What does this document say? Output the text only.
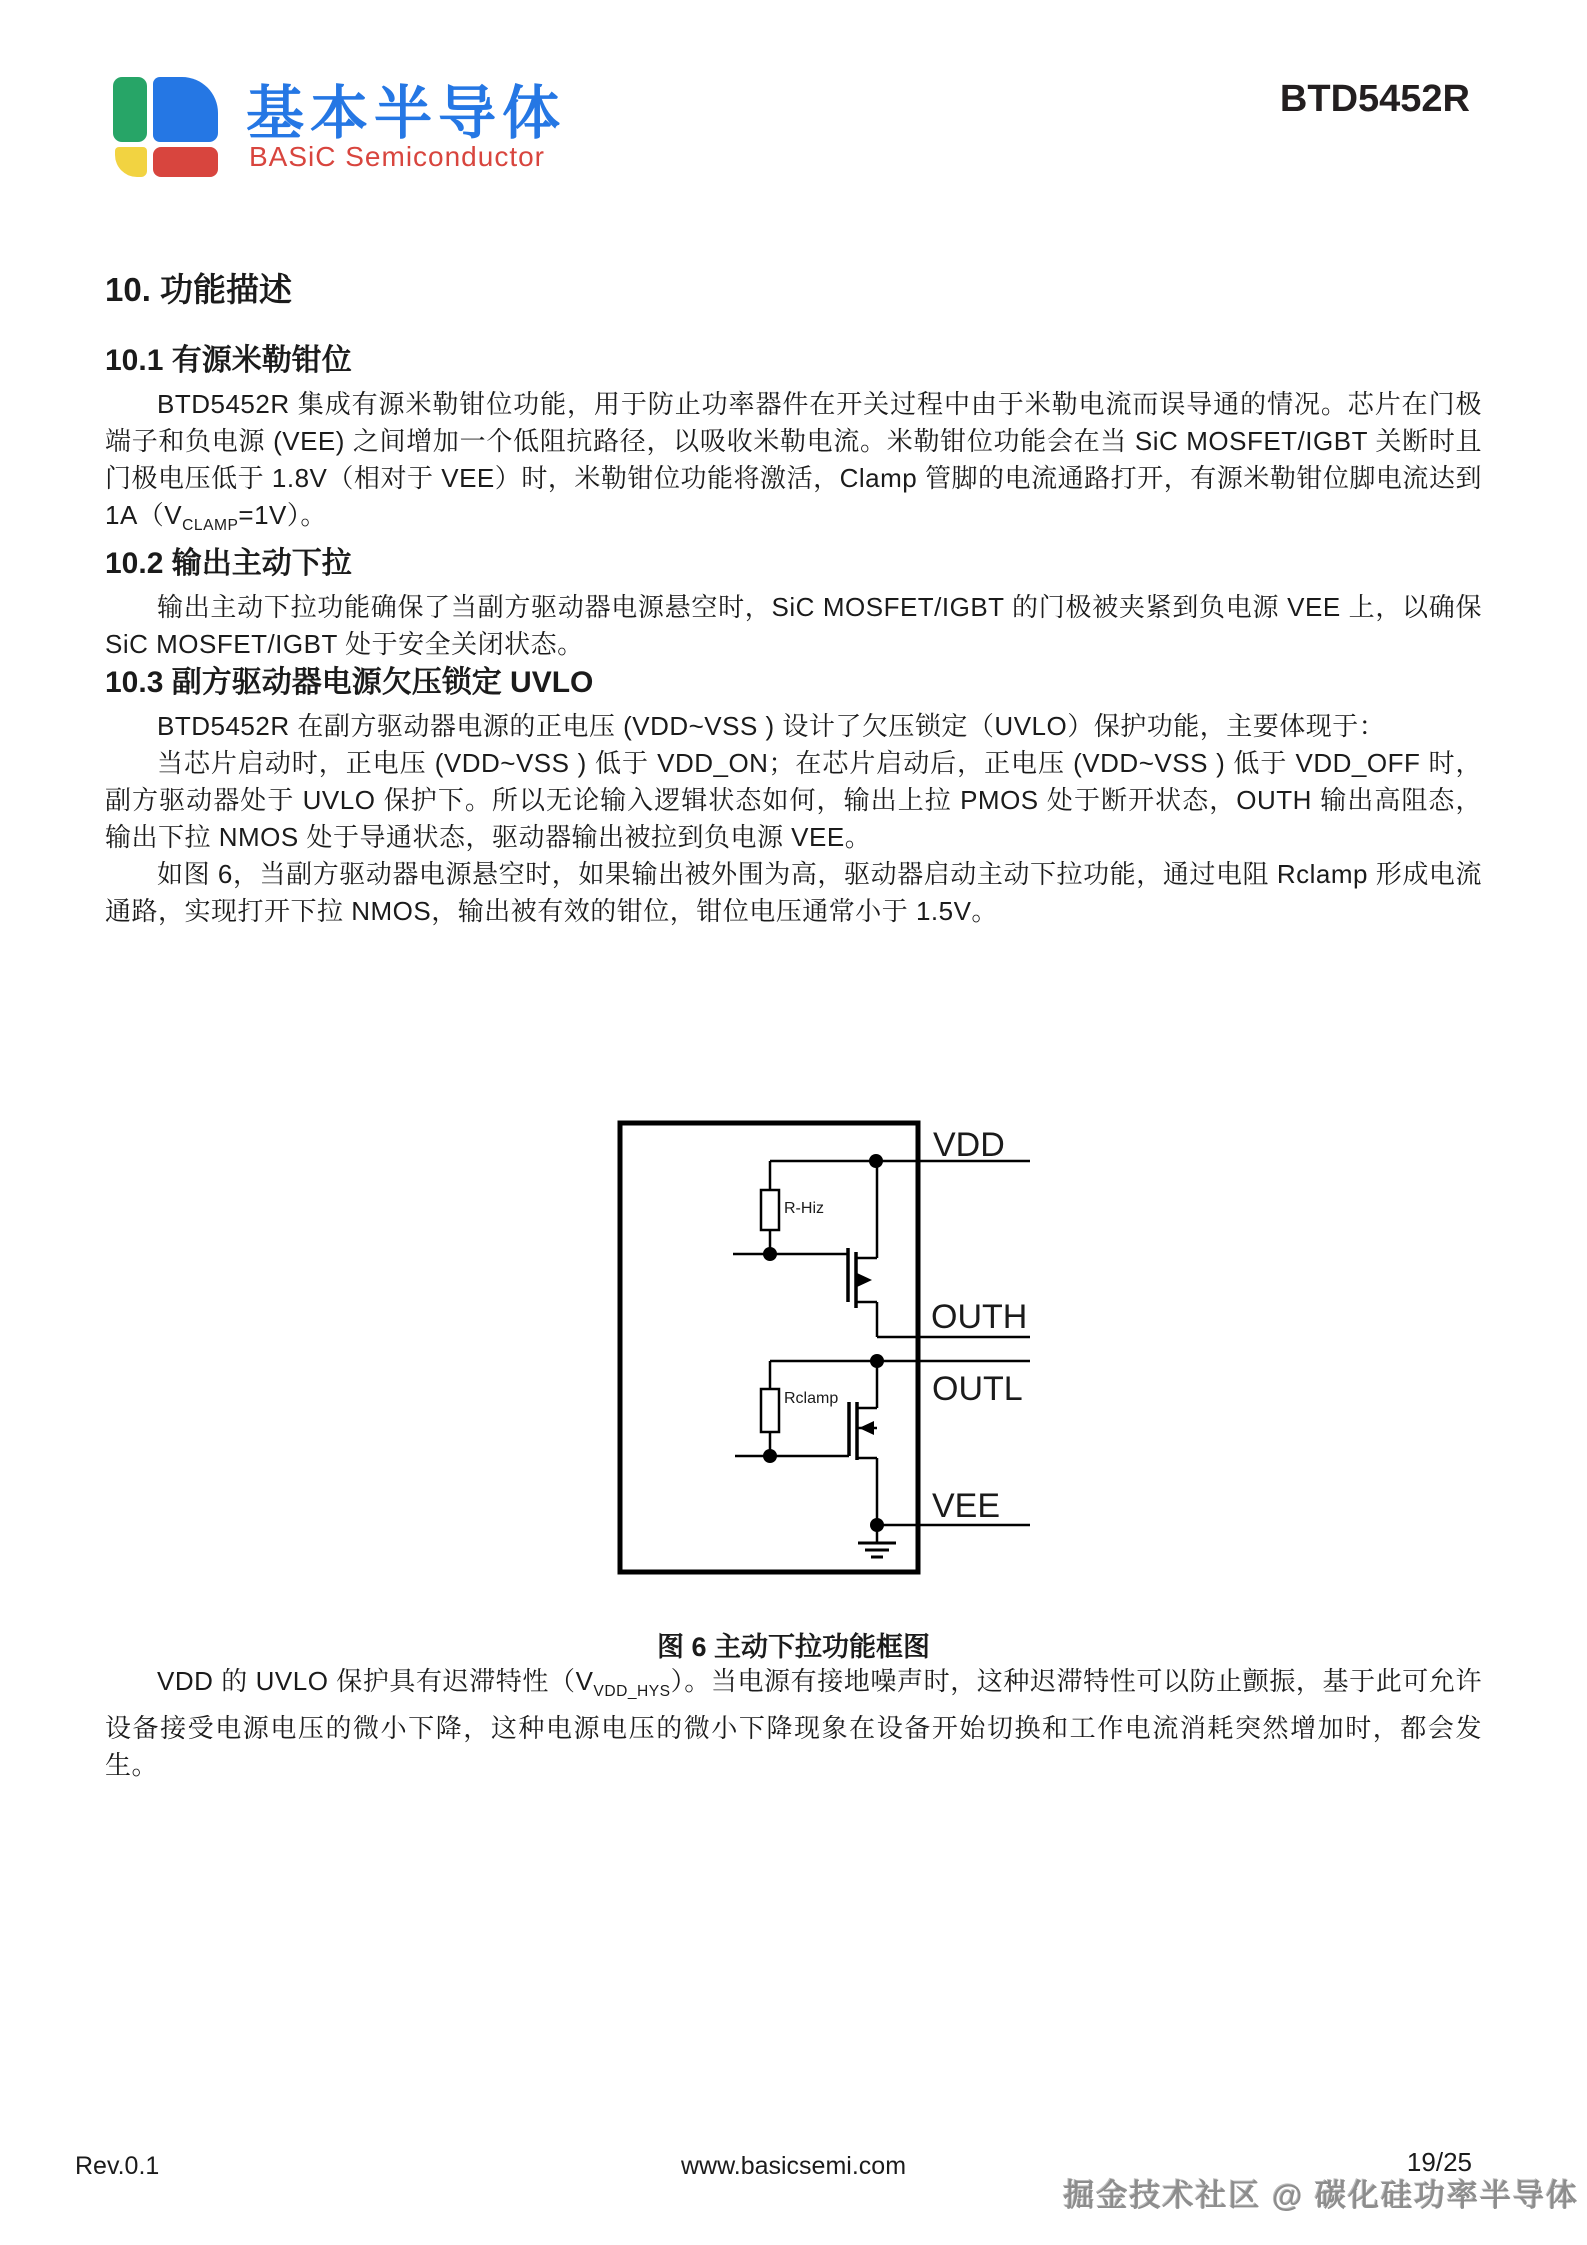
基本半导体
BASiC Semiconductor
BTD5452R
10. 功能描述
10.1 有源米勒钳位

BTD5452R 集成有源米勒钳位功能，用于防止功率器件在开关过程中由于米勒电流而误导通的情况。芯片在门极端子和负电源 (VEE) 之间增加一个低阻抗路径，以吸收米勒电流。米勒钳位功能会在当 SiC MOSFET/IGBT 关断时且门极电压低于 1.8V（相对于 VEE）时，米勒钳位功能将激活，Clamp 管脚的电流通路打开，有源米勒钳位脚电流达到 $1A(V_{CLAMP}=1V)$。

10.2 输出主动下拉

输出主动下拉功能确保了当副方驱动器电源悬空时，SiC MOSFET/IGBT 的门极被夹紧到负电源 VEE 上，以确保 SiC MOSFET/IGBT 处于安全关闭状态。

10.3 副方驱动器电源欠压锁定 UVLO

BTD5452R 在副方驱动器电源的正电压 (VDD~VSS ) 设计了欠压锁定（UVLO）保护功能，主要体现于：

当芯片启动时，正电压 (VDD~VSS ) 低于 VDD_ON；在芯片启动后，正电压 (VDD~VSS ) 低于 VDD_OFF 时，副方驱动器处于 UVLO 保护下。所以无论输入逻辑状态如何，输出上拉 PMOS 处于断开状态，OUTH 输出高阻态，输出下拉 NMOS 处于导通状态，驱动器输出被拉到负电源 VEE。

如图 6，当副方驱动器电源悬空时，如果输出被外围为高，驱动器启动主动下拉功能，通过电阻 Rclamp 形成电流通路，实现打开下拉 NMOS，输出被有效的钳位，钳位电压通常小于 1.5V。

VDD
OUTH
OUTL
VEE
R-Hiz
Rclamp
图 6 主动下拉功能框图

VDD 的 UVLO 保护具有迟滞特性$(V_{VDD\_HYS})$。当电源有接地噪声时，这种迟滞特性可以防止颤振，基于此可允许设备接受电源电压的微小下降，这种电源电压的微小下降现象在设备开始切换和工作电流消耗突然增加时，都会发生。

Rev.0.1	www.basicsemi.com	19/25
掘金技术社区 @ 碳化硅功率半导体
